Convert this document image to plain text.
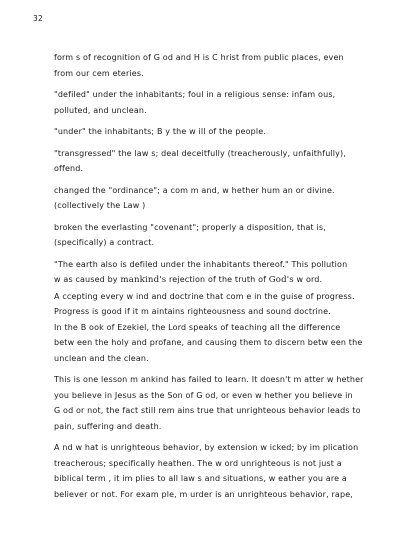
32
form s of recognition of G od and H is C hrist from public places, even
from our cem eteries.
"defiled" under the inhabitants; foul in a religious sense: infam ous,
polluted, and unclean.
"under" the inhabitants; B y the w ill of the people.
"transgressed" the law s; deal deceitfully (treacherously, unfaithfully),
offend.
changed the "ordinance"; a com m and, w hether hum an or divine.
(collectively the Law )
broken the everlasting "covenant"; properly a disposition, that is,
(specifically) a contract.
"The earth also is defiled under the inhabitants thereof." This pollution
w as caused by mankind's rejection of the truth of God's w ord.
A ccepting every w ind and doctrine that com e in the guise of progress.
Progress is good if it m aintains righteousness and sound doctrine.
In the B ook of Ezekiel, the Lord speaks of teaching all the difference
betw een the holy and profane, and causing them to discern betw een the
unclean and the clean.
This is one lesson m ankind has failed to learn. It doesn't m atter w hether
you believe in Jesus as the Son of G od, or even w hether you believe in
G od or not, the fact still rem ains true that unrighteous behavior leads to
pain, suffering and death.
A nd w hat is unrighteous behavior, by extension w icked; by im plication
treacherous; specifically heathen. The w ord unrighteous is not just a
biblical term , it im plies to all law s and situations, w eather you are a
believer or not. For exam ple, m urder is an unrighteous behavior, rape,
